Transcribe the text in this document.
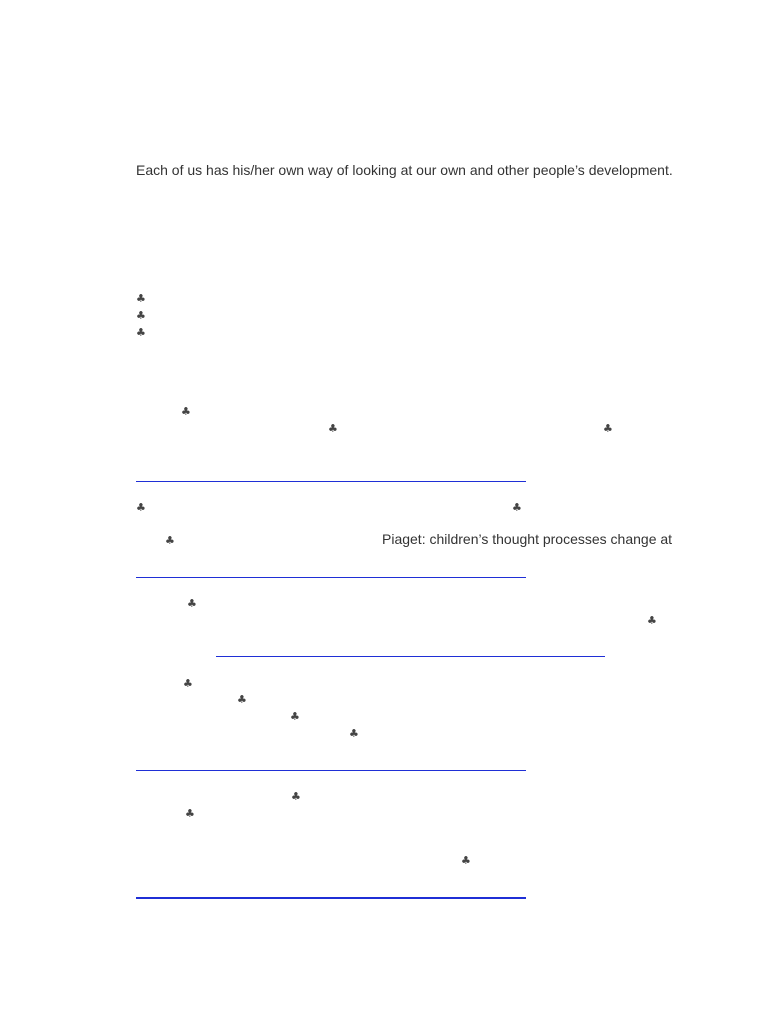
Each of us has his/her own way of looking at our own and other people’s development.

♣
♣
♣
♣
♣	♣
♣	♣
♣	Piaget: children’s thought processes change at

♣
♣
♣
♣
♣
♣
♣
♣
♣
